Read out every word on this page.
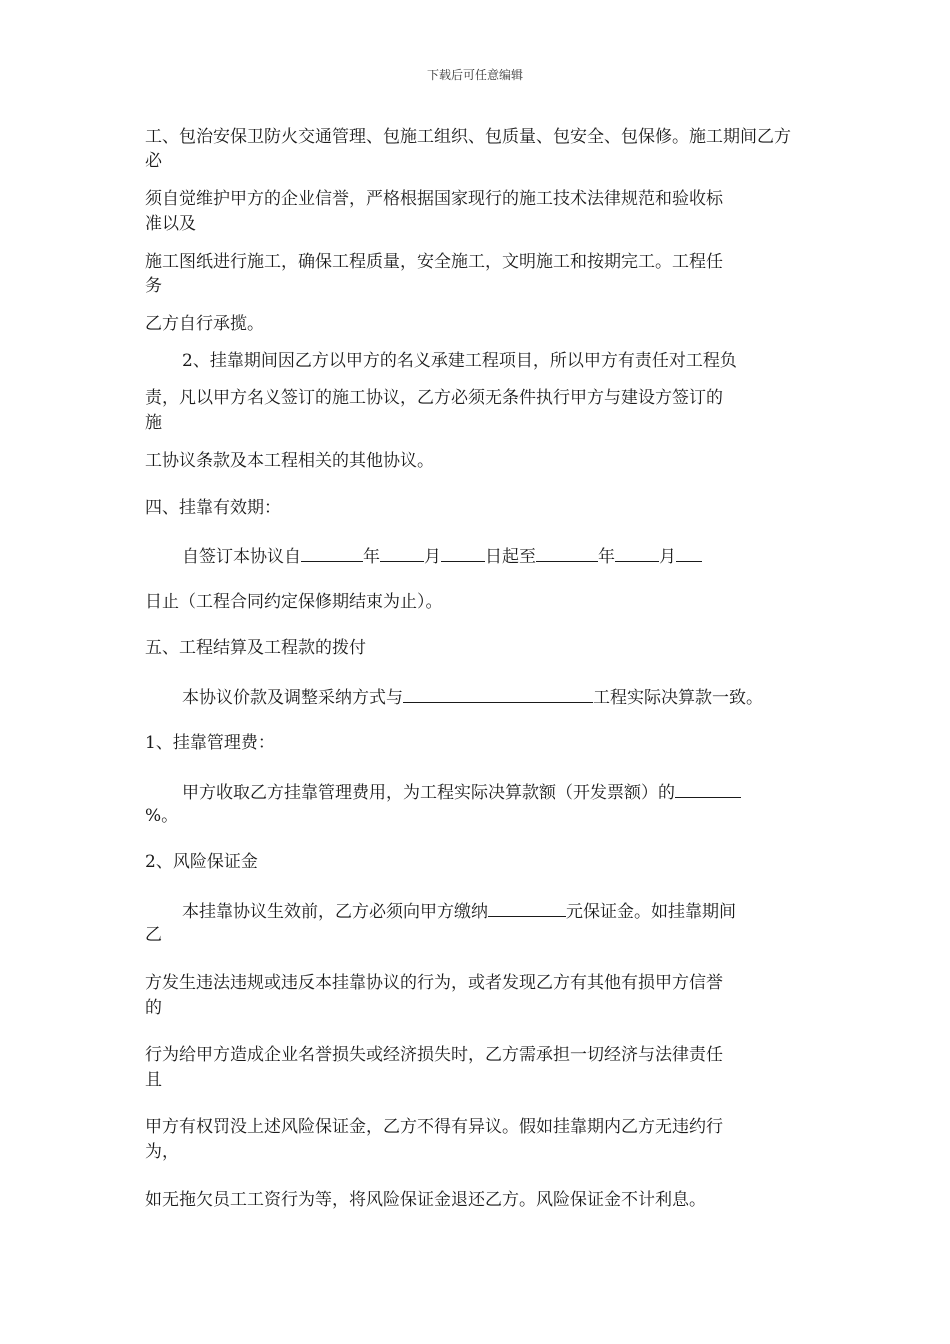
下载后可任意编辑

工、包治安保卫防火交通管理、包施工组织、包质量、包安全、包保修。施工期间乙方

必

须自觉维护甲方的企业信誉，严格根据国家现行的施工技术法律规范和验收标

准以及

施工图纸进行施工，确保工程质量，安全施工，文明施工和按期完工。工程任

务

乙方自行承揽。

2、挂靠期间因乙方以甲方的名义承建工程项目，所以甲方有责任对工程负

责，凡以甲方名义签订的施工协议，乙方必须无条件执行甲方与建设方签订的

施

工协议条款及本工程相关的其他协议。

四、挂靠有效期：

自签订本协议自	年	月	日起至	年	月

日止（工程合同约定保修期结束为止）。

五、工程结算及工程款的拨付

本协议价款及调整采纳方式与	工程实际决算款一致。

1、挂靠管理费：

甲方收取乙方挂靠管理费用，为工程实际决算款额（开发票额）的

%。

2、风险保证金

本挂靠协议生效前，乙方必须向甲方缴纳	元保证金。如挂靠期间

乙

方发生违法违规或违反本挂靠协议的行为，或者发现乙方有其他有损甲方信誉

的

行为给甲方造成企业名誉损失或经济损失时，乙方需承担一切经济与法律责任

且

甲方有权罚没上述风险保证金，乙方不得有异议。假如挂靠期内乙方无违约行

为，

如无拖欠员工工资行为等，将风险保证金退还乙方。风险保证金不计利息。
